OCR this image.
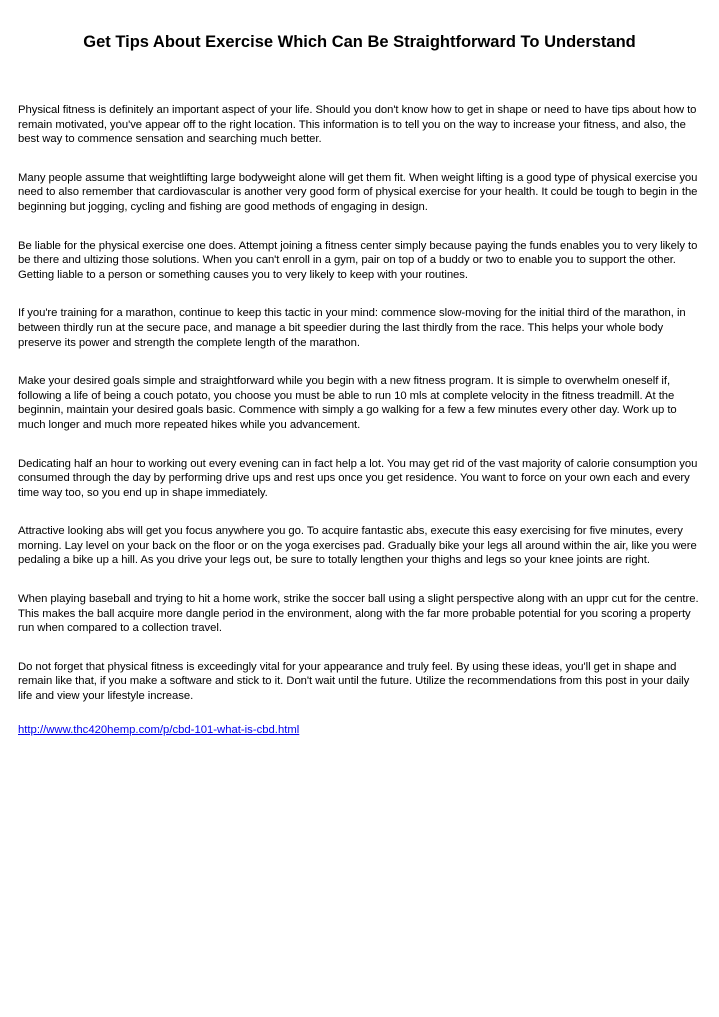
Get Tips About Exercise Which Can Be Straightforward To Understand

Physical fitness is definitely an important aspect of your life. Should you don't know how to get in shape or need to have tips about how to remain motivated, you've appear off to the right location. This information is to tell you on the way to increase your fitness, and also, the best way to commence sensation and searching much better.

Many people assume that weightlifting large bodyweight alone will get them fit. When weight lifting is a good type of physical exercise you need to also remember that cardiovascular is another very good form of physical exercise for your health. It could be tough to begin in the beginning but jogging, cycling and fishing are good methods of engaging in design.

Be liable for the physical exercise one does. Attempt joining a fitness center simply because paying the funds enables you to very likely to be there and ultizing those solutions. When you can't enroll in a gym, pair on top of a buddy or two to enable you to support the other. Getting liable to a person or something causes you to very likely to keep with your routines.

If you're training for a marathon, continue to keep this tactic in your mind: commence slow-moving for the initial third of the marathon, in between thirdly run at the secure pace, and manage a bit speedier during the last thirdly from the race. This helps your whole body preserve its power and strength the complete length of the marathon.

Make your desired goals simple and straightforward while you begin with a new fitness program. It is simple to overwhelm oneself if, following a life of being a couch potato, you choose you must be able to run 10 mls at complete velocity in the fitness treadmill. At the beginnin, maintain your desired goals basic. Commence with simply a go walking for a few a few minutes every other day. Work up to much longer and much more repeated hikes while you advancement.

Dedicating half an hour to working out every evening can in fact help a lot. You may get rid of the vast majority of calorie consumption you consumed through the day by performing drive ups and rest ups once you get residence. You want to force on your own each and every time way too, so you end up in shape immediately.

Attractive looking abs will get you focus anywhere you go. To acquire fantastic abs, execute this easy exercising for five minutes, every morning. Lay level on your back on the floor or on the yoga exercises pad. Gradually bike your legs all around within the air, like you were pedaling a bike up a hill. As you drive your legs out, be sure to totally lengthen your thighs and legs so your knee joints are right.

When playing baseball and trying to hit a home work, strike the soccer ball using a slight perspective along with an uppr cut for the centre. This makes the ball acquire more dangle period in the environment, along with the far more probable potential for you scoring a property run when compared to a collection travel.

Do not forget that physical fitness is exceedingly vital for your appearance and truly feel. By using these ideas, you'll get in shape and remain like that, if you make a software and stick to it. Don't wait until the future. Utilize the recommendations from this post in your daily life and view your lifestyle increase.

http://www.thc420hemp.com/p/cbd-101-what-is-cbd.html
